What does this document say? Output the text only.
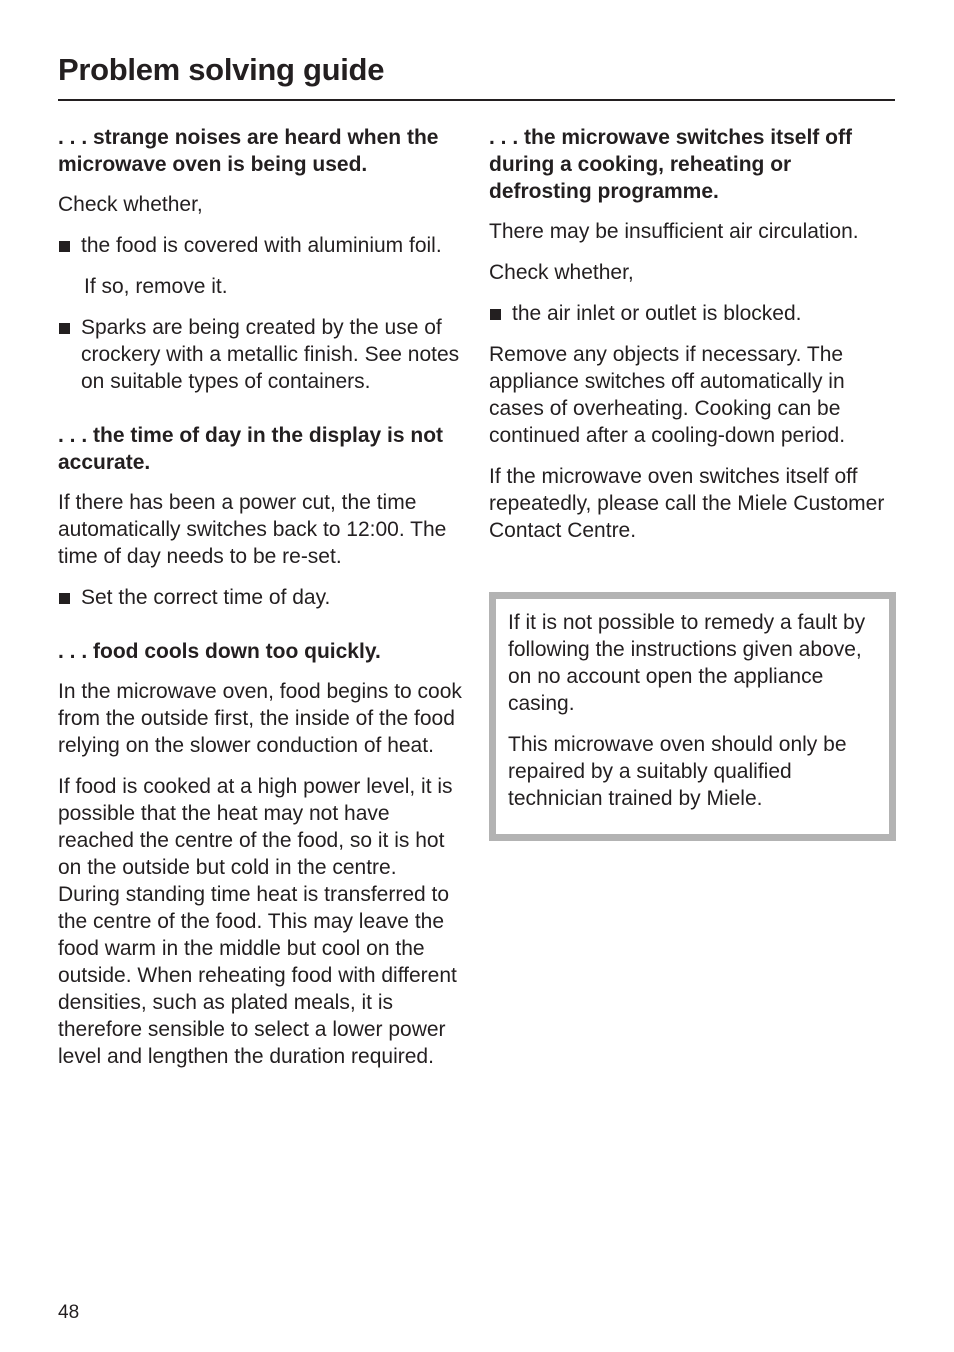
Problem solving guide
. . . strange noises are heard when the microwave oven is being used.

Check whether,

the food is covered with aluminium foil.

If so, remove it.

Sparks are being created by the use of crockery with a metallic finish. See notes on suitable types of containers.
. . . the time of day in the display is not accurate.

If there has been a power cut, the time automatically switches back to 12:00. The time of day needs to be re-set.

Set the correct time of day.
. . . food cools down too quickly.

In the microwave oven, food begins to cook from the outside first, the inside of the food relying on the slower conduction of heat.

If food is cooked at a high power level, it is possible that the heat may not have reached the centre of the food, so it is hot on the outside but cold in the centre. During standing time heat is transferred to the centre of the food. This may leave the food warm in the middle but cool on the outside. When reheating food with different densities, such as plated meals, it is therefore sensible to select a lower power level and lengthen the duration required.

. . . the microwave switches itself off during a cooking, reheating or defrosting programme.

There may be insufficient air circulation.

Check whether,

the air inlet or outlet is blocked.

Remove any objects if necessary. The appliance switches off automatically in cases of overheating. Cooking can be continued after a cooling-down period.

If the microwave oven switches itself off repeatedly, please call the Miele Customer Contact Centre.

If it is not possible to remedy a fault by following the instructions given above, on no account open the appliance casing.

This microwave oven should only be repaired by a suitably qualified technician trained by Miele.

48
